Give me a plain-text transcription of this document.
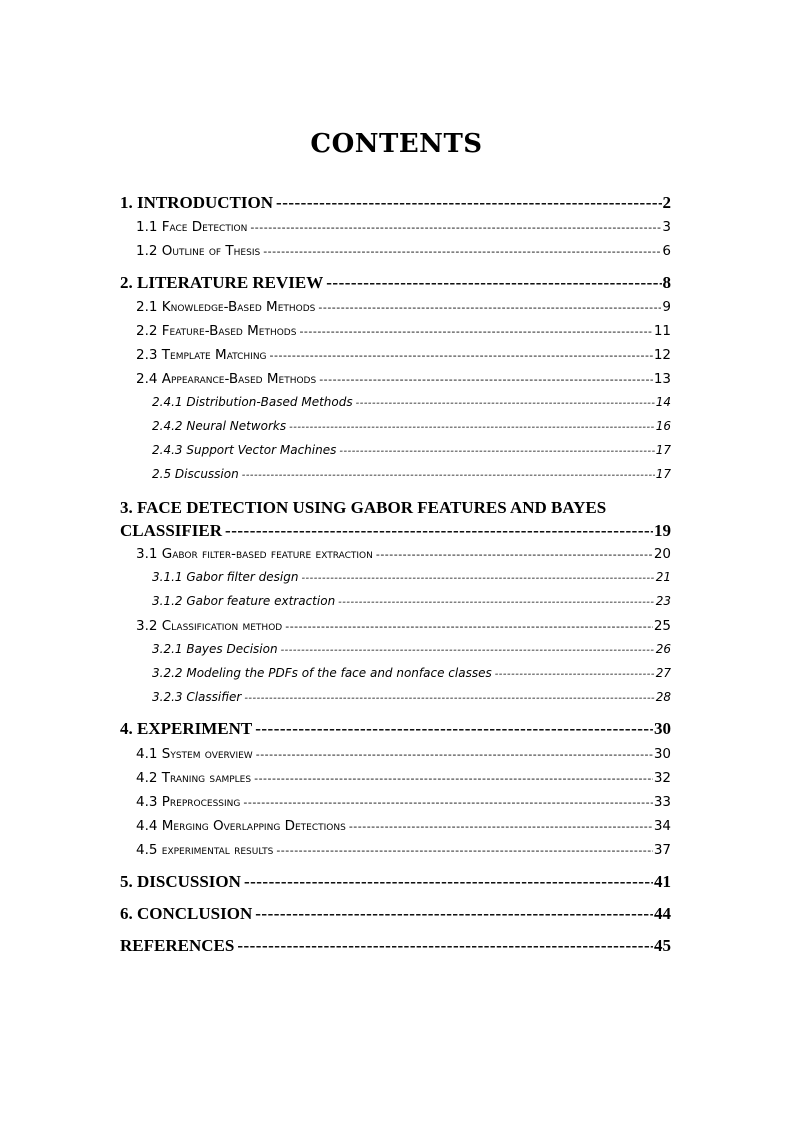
CONTENTS
1. INTRODUCTION -----	2
1.1 Face Detection -----	3
1.2 Outline of Thesis -----	6
2. LITERATURE REVIEW -----	8
2.1 Knowledge-Based Methods -----	9
2.2 Feature-Based Methods -----	11
2.3 Template Matching -----	12
2.4 Appearance-Based Methods -----	13
2.4.1 Distribution-Based Methods -----	14
2.4.2 Neural Networks -----	16
2.4.3 Support Vector Machines -----	17
2.5 Discussion -----	17
3. FACE DETECTION USING GABOR FEATURES AND BAYES
CLASSIFIER -----	19
3.1 Gabor filter-based feature extraction -----	20
3.1.1 Gabor filter design -----	21
3.1.2 Gabor feature extraction -----	23
3.2 Classification method -----	25
3.2.1 Bayes Decision -----	26
3.2.2 Modeling the PDFs of the face and nonface classes -----	27
3.2.3 Classifier -----	28
4. EXPERIMENT -----	30
4.1 System overview -----	30
4.2 Traning samples -----	32
4.3 Preprocessing -----	33
4.4 Merging Overlapping Detections -----	34
4.5 experimental results -----	37
5. DISCUSSION -----	41
6. CONCLUSION -----	44
REFERENCES -----	45
